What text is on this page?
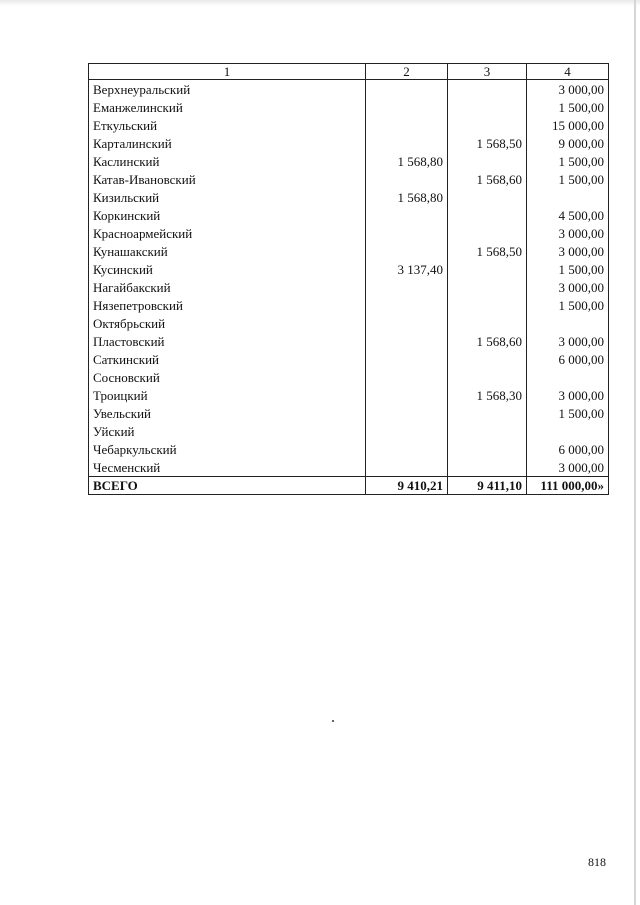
1	2	3	4
Верхнеуральский			3 000,00
Еманжелинский			1 500,00
Еткульский			15 000,00
Карталинский		1 568,50	9 000,00
Каслинский	1 568,80		1 500,00
Катав-Ивановский		1 568,60	1 500,00
Кизильский	1 568,80		
Коркинский			4 500,00
Красноармейский			3 000,00
Кунашакский		1 568,50	3 000,00
Кусинский	3 137,40		1 500,00
Нагайбакский			3 000,00
Нязепетровский			1 500,00
Октябрьский			
Пластовский		1 568,60	3 000,00
Саткинский			6 000,00
Сосновский			
Троицкий		1 568,30	3 000,00
Увельский			1 500,00
Уйский			
Чебаркульский			6 000,00
Чесменский			3 000,00
ВСЕГО	9 410,21	9 411,10	111 000,00»
818
